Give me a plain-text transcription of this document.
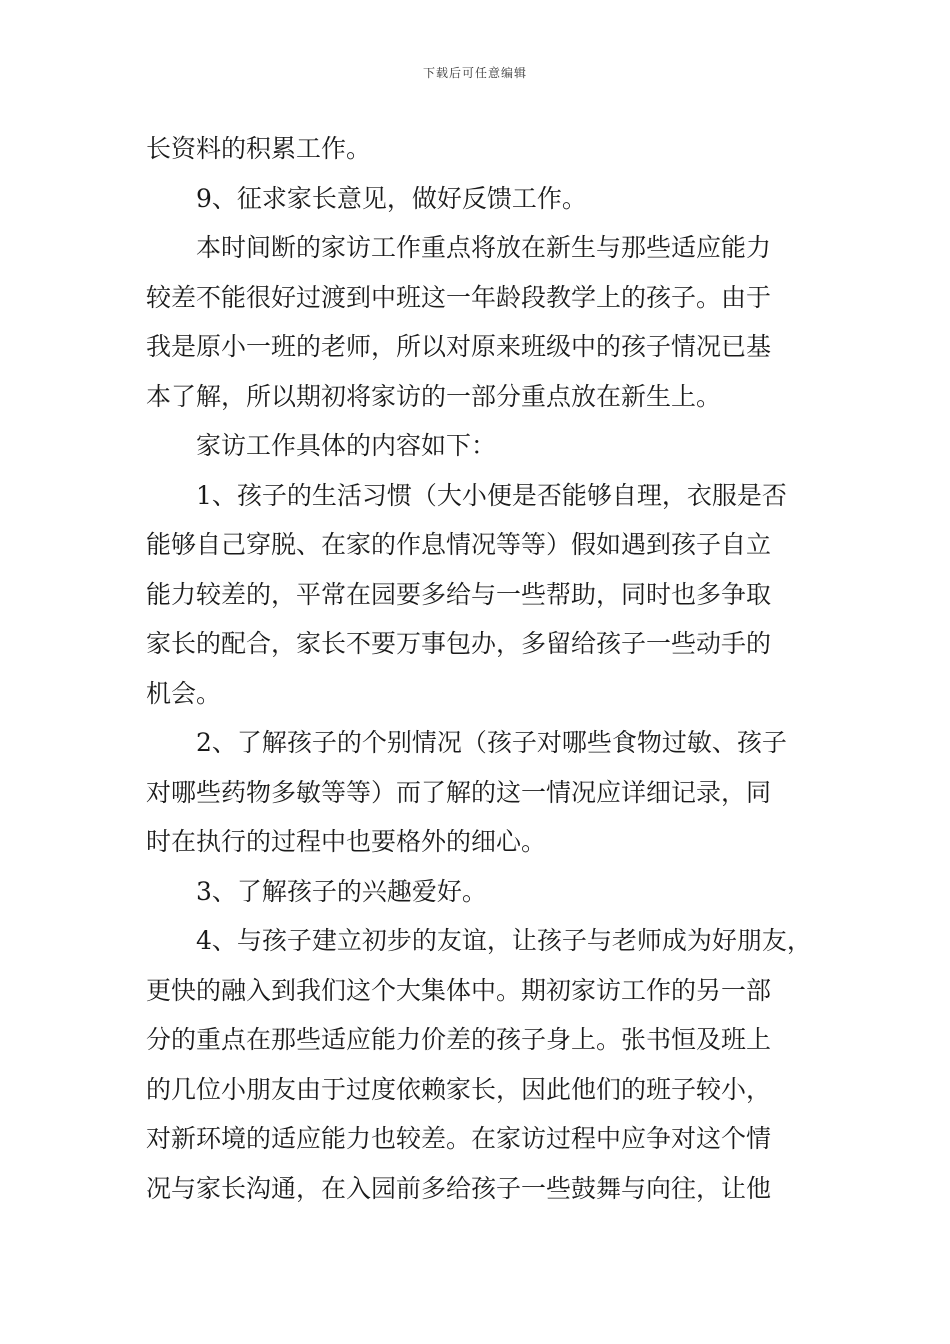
下载后可任意编辑
长资料的积累工作。
9、征求家长意见，做好反馈工作。
本时间断的家访工作重点将放在新生与那些适应能力
较差不能很好过渡到中班这一年龄段教学上的孩子。由于
我是原小一班的老师，所以对原来班级中的孩子情况已基
本了解，所以期初将家访的一部分重点放在新生上。
家访工作具体的内容如下：
1、孩子的生活习惯（大小便是否能够自理，衣服是否
能够自己穿脱、在家的作息情况等等）假如遇到孩子自立
能力较差的，平常在园要多给与一些帮助，同时也多争取
家长的配合，家长不要万事包办，多留给孩子一些动手的
机会。
2、了解孩子的个别情况（孩子对哪些食物过敏、孩子
对哪些药物多敏等等）而了解的这一情况应详细记录，同
时在执行的过程中也要格外的细心。
3、了解孩子的兴趣爱好。
4、与孩子建立初步的友谊，让孩子与老师成为好朋友，
更快的融入到我们这个大集体中。期初家访工作的另一部
分的重点在那些适应能力价差的孩子身上。张书恒及班上
的几位小朋友由于过度依赖家长，因此他们的班子较小，
对新环境的适应能力也较差。在家访过程中应争对这个情
况与家长沟通，在入园前多给孩子一些鼓舞与向往，让他
